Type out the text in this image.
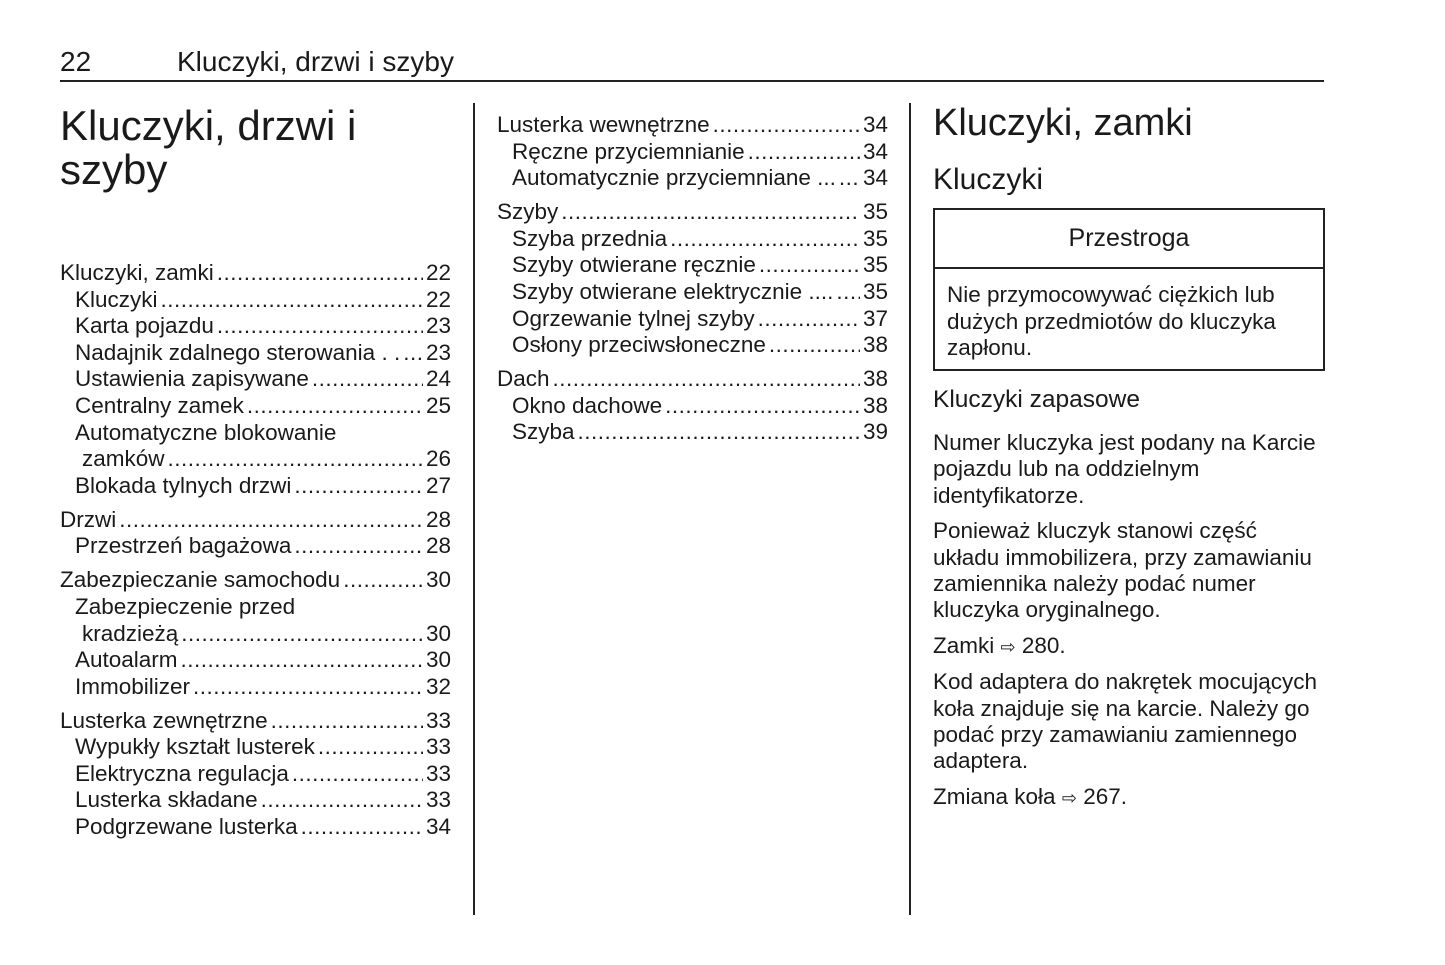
22	Kluczyki, drzwi i szyby
Kluczyki, drzwi i szyby
Kluczyki, zamki .....	22
Kluczyki .....	22
Karta pojazdu .....	23
Nadajnik zdalnego sterowania . . ..... 23
Ustawienia zapisywane .....	24
Centralny zamek .....	25
Automatyczne blokowanie
zamków .....	26
Blokada tylnych drzwi .....	27
Drzwi .....	28
Przestrzeń bagażowa .....	28
Zabezpieczanie samochodu .....	30
Zabezpieczenie przed
kradzieżą .....	30
Autoalarm .....	30
Immobilizer .....	32
Lusterka zewnętrzne .....	33
Wypukły kształt lusterek .....	33
Elektryczna regulacja .....	33
Lusterka składane .....	33
Podgrzewane lusterka .....	34
Lusterka wewnętrzne .....	34
Ręczne przyciemnianie .....	34
Automatycznie przyciemniane ... ..... 34
Szyby .....	35
Szyba przednia .....	35
Szyby otwierane ręcznie .....	35
Szyby otwierane elektrycznie .... ..... 35
Ogrzewanie tylnej szyby .....	37
Osłony przeciwsłoneczne .....	38
Dach .....	38
Okno dachowe .....	38
Szyba .....	39
Kluczyki, zamki
Kluczyki
Przestroga
Nie przymocowywać ciężkich lub dużych przedmiotów do kluczyka zapłonu.
Kluczyki zapasowe

Numer kluczyka jest podany na Karcie pojazdu lub na oddzielnym identyfikatorze.

Ponieważ kluczyk stanowi część układu immobilizera, przy zamawianiu zamiennika należy podać numer kluczyka oryginalnego.

Zamki ⇨ 280.

Kod adaptera do nakrętek mocujących koła znajduje się na karcie. Należy go podać przy zamawianiu zamiennego adaptera.

Zmiana koła ⇨ 267.
